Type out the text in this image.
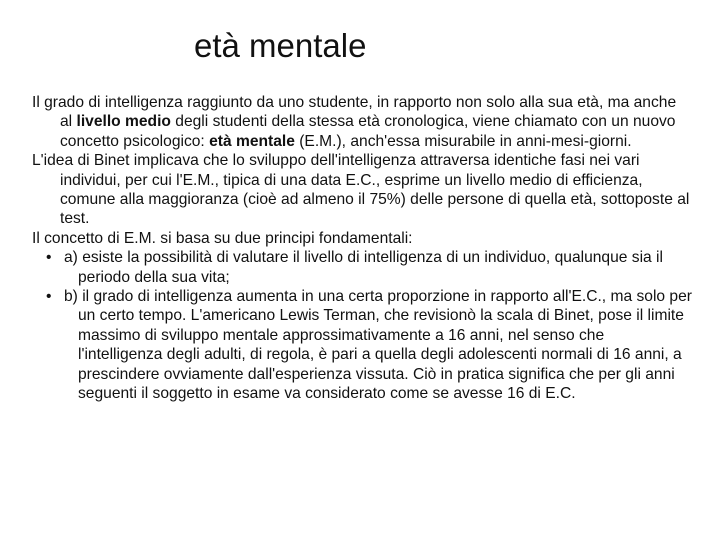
età mentale

Il grado di intelligenza raggiunto da uno studente, in rapporto non solo alla sua età, ma anche al livello medio degli studenti della stessa età cronologica, viene chiamato con un nuovo concetto psicologico: età mentale (E.M.), anch'essa misurabile in anni-mesi-giorni.

L'idea di Binet implicava che lo sviluppo dell'intelligenza attraversa identiche fasi nei vari individui, per cui l'E.M., tipica di una data E.C., esprime un livello medio di efficienza, comune alla maggioranza (cioè ad almeno il 75%) delle persone di quella età, sottoposte al test.

Il concetto di E.M. si basa su due principi fondamentali:

• a) esiste la possibilità di valutare il livello di intelligenza di un individuo, qualunque sia il periodo della sua vita;

• b) il grado di intelligenza aumenta in una certa proporzione in rapporto all'E.C., ma solo per un certo tempo. L'americano Lewis Terman, che revisionò la scala di Binet, pose il limite massimo di sviluppo mentale approssimativamente a 16 anni, nel senso che l'intelligenza degli adulti, di regola, è pari a quella degli adolescenti normali di 16 anni, a prescindere ovviamente dall'esperienza vissuta. Ciò in pratica significa che per gli anni seguenti il soggetto in esame va considerato come se avesse 16 di E.C.
